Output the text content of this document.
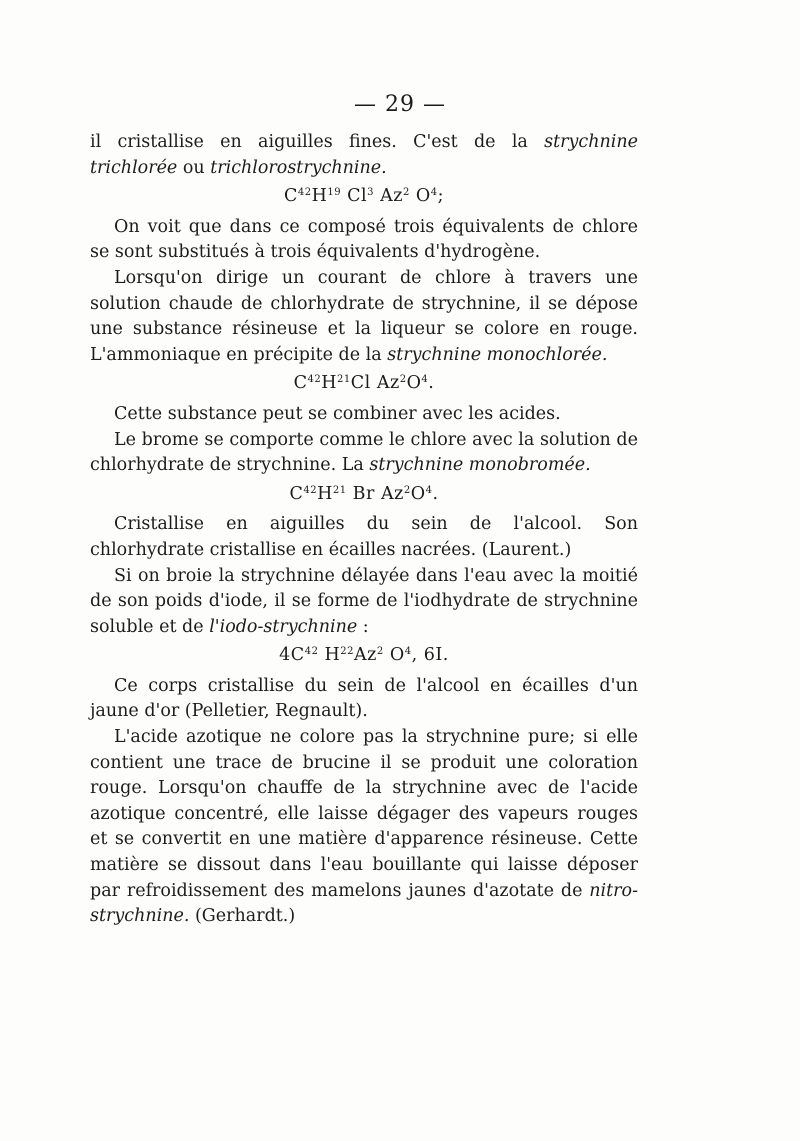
— 29 —

il cristallise en aiguilles fines. C'est de la strychnine trichlorée ou trichlorostrychnine.

$C^{42}H^{19}$ Cl$^3$ Az$^2$ $O^4$;

On voit que dans ce composé trois équivalents de chlore se sont substitués à trois équivalents d'hydrogène.

Lorsqu'on dirige un courant de chlore à travers une solution chaude de chlorhydrate de strychnine, il se dépose une substance résineuse et la liqueur se colore en rouge. L'ammoniaque en précipite de la strychnine monochlorée.

$C^{42}H^{21}Cl$ $Az^2O^4$.

Cette substance peut se combiner avec les acides.

Le brome se comporte comme le chlore avec la solution de chlorhydrate de strychnine. La strychnine monobromée.

$C^{42}H^{21}$ Br $Az^2O^4$.

Cristallise en aiguilles du sein de l'alcool. Son chlorhydrate cristallise en écailles nacrées. (Laurent.)

Si on broie la strychnine délayée dans l'eau avec la moitié de son poids d'iode, il se forme de l'iodhydrate de strychnine soluble et de l'iodo-strychnine :

$4C^{42}$ $H^{22}Az^2$ $O^4$, 6I.

Ce corps cristallise du sein de l'alcool en écailles d'un jaune d'or (Pelletier, Regnault).

L'acide azotique ne colore pas la strychnine pure; si elle contient une trace de brucine il se produit une coloration rouge. Lorsqu'on chauffe de la strychnine avec de l'acide azotique concentré, elle laisse dégager des vapeurs rouges et se convertit en une matière d'apparence résineuse. Cette matière se dissout dans l'eau bouillante qui laisse déposer par refroidissement des mamelons jaunes d'azotate de nitro-strychnine. (Gerhardt.)
